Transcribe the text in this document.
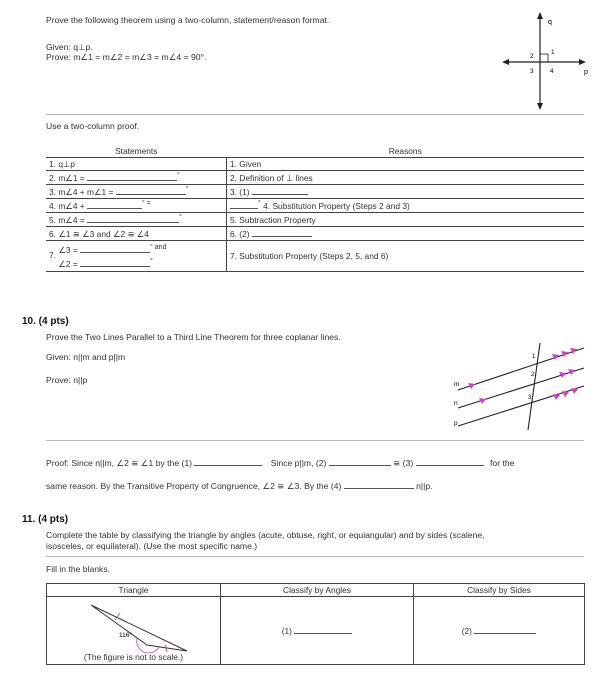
Prove the following theorem using a two-column, statement/reason format.
Given: q⊥p.
Prove: m∠1 = m∠2 = m∠3 = m∠4 = 90°.
q
p
2
1
3	4
Use a two-column proof.
Statements	Reasons
1. q⊥p	1. Given
2. m∠1 = °	2. Definition of ⊥ lines
3. m∠4 + m∠1 = °	3. (1)
4. m∠4 + ° =	° 4. Substitution Property (Steps 2 and 3)
5. m∠4 = °	5. Subtraction Property
6. ∠1 ≅ ∠3 and ∠2 ≅ ∠4	6. (2)
7. ∠3 = $^{^\circ and}$
∠2 = °	7. Substitution Property (Steps 2, 5, and 6)
10. (4 pts)
Prove the Two Lines Parallel to a Third Line Theorem for three coplanar lines.
Given: n||m and p||m
Prove: n||p	m
n
p
1
2
3
Proof: Since n||m, ∠2 ≅ ∠1 by the (1)	Since p||m, (2)	≅ (3)	for the
same reason. By the Transitive Property of Congruence, ∠2 ≅ ∠3. By the (4)	n||p.
11. (4 pts)
Complete the table by classifying the triangle by angles (acute, obtuse, right, or equiangular) and by sides (scalene,
isosceles, or equilateral). (Use the most specific name.)
Fill in the blanks.
Triangle	Classify by Angles	Classify by Sides

116°
(The figure is not to scale.)	(1)	(2)
